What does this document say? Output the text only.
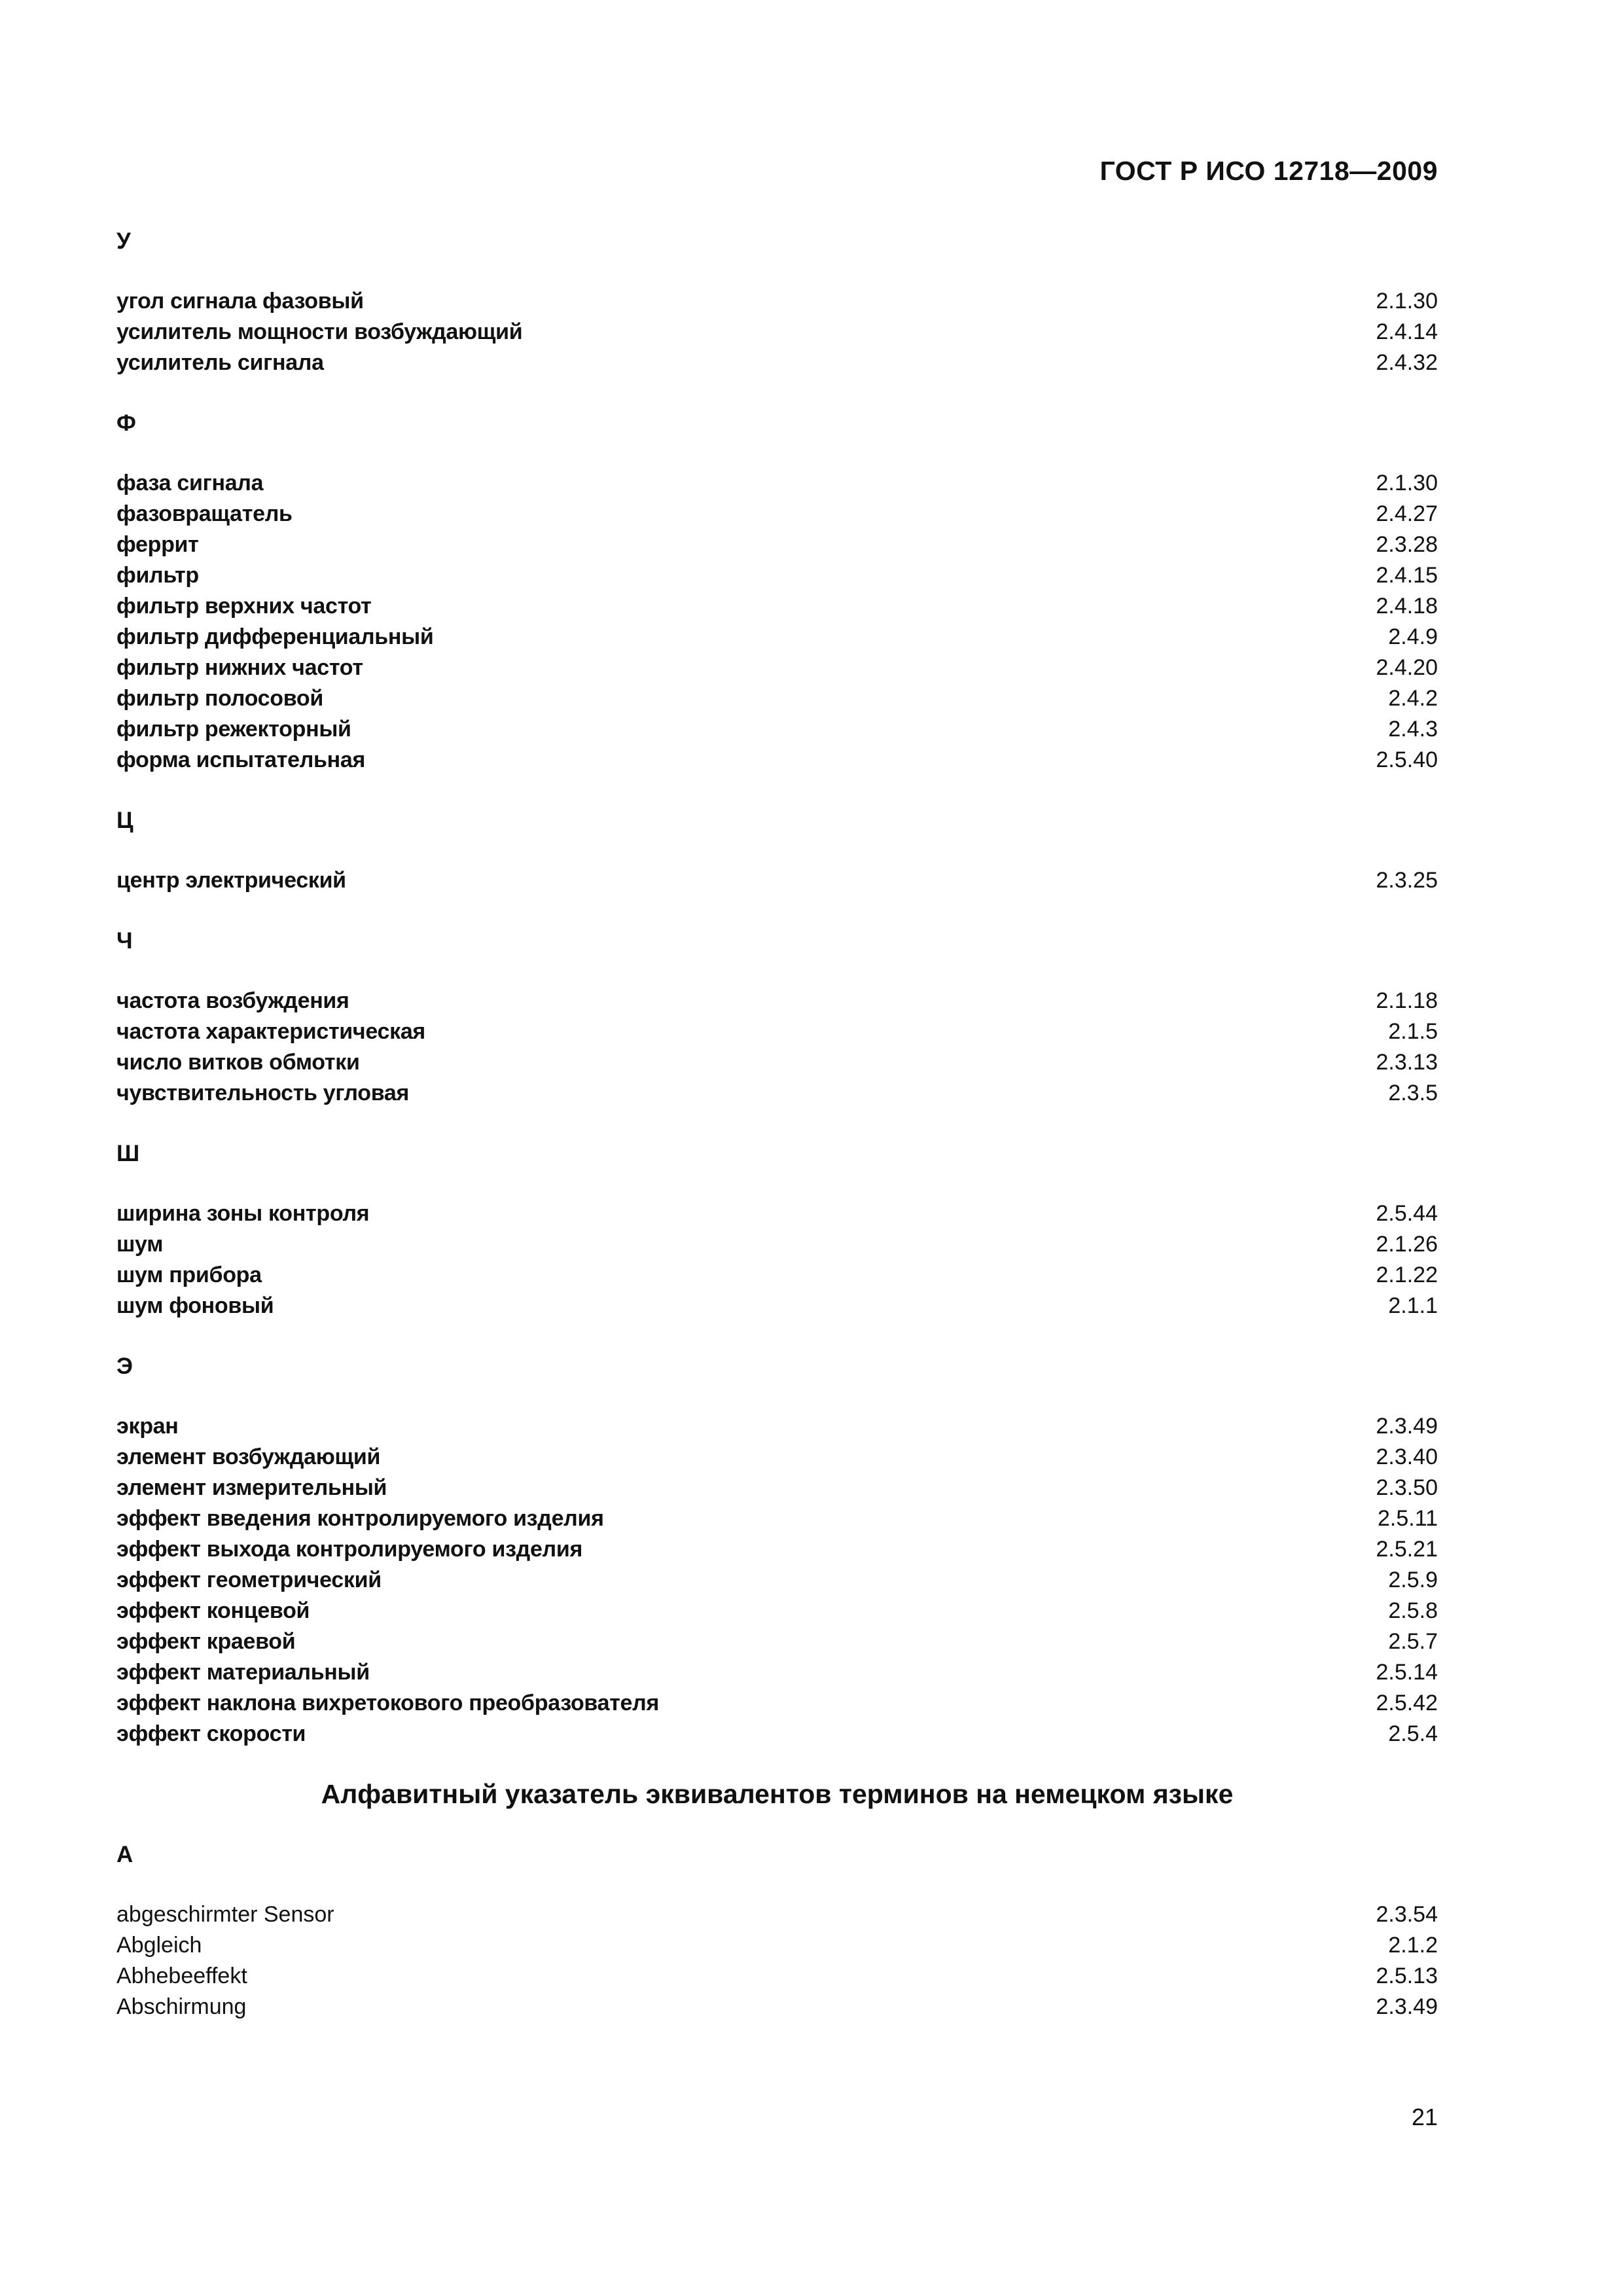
ГОСТ Р ИСО 12718—2009
У
угол сигнала фазовый	2.1.30
усилитель мощности возбуждающий	2.4.14
усилитель сигнала	2.4.32
Ф
фаза сигнала	2.1.30
фазовращатель	2.4.27
феррит	2.3.28
фильтр	2.4.15
фильтр верхних частот	2.4.18
фильтр дифференциальный	2.4.9
фильтр нижних частот	2.4.20
фильтр полосовой	2.4.2
фильтр режекторный	2.4.3
форма испытательная	2.5.40
Ц
центр электрический	2.3.25
Ч
частота возбуждения	2.1.18
частота характеристическая	2.1.5
число витков обмотки	2.3.13
чувствительность угловая	2.3.5
Ш
ширина зоны контроля	2.5.44
шум	2.1.26
шум прибора	2.1.22
шум фоновый	2.1.1
Э
экран	2.3.49
элемент возбуждающий	2.3.40
элемент измерительный	2.3.50
эффект введения контролируемого изделия	2.5.11
эффект выхода контролируемого изделия	2.5.21
эффект геометрический	2.5.9
эффект концевой	2.5.8
эффект краевой	2.5.7
эффект материальный	2.5.14
эффект наклона вихретокового преобразователя	2.5.42
эффект скорости	2.5.4
Алфавитный указатель эквивалентов терминов на немецком языке
A
abgeschirmter Sensor	2.3.54
Abgleich	2.1.2
Abhebeeffekt	2.5.13
Abschirmung	2.3.49
21
